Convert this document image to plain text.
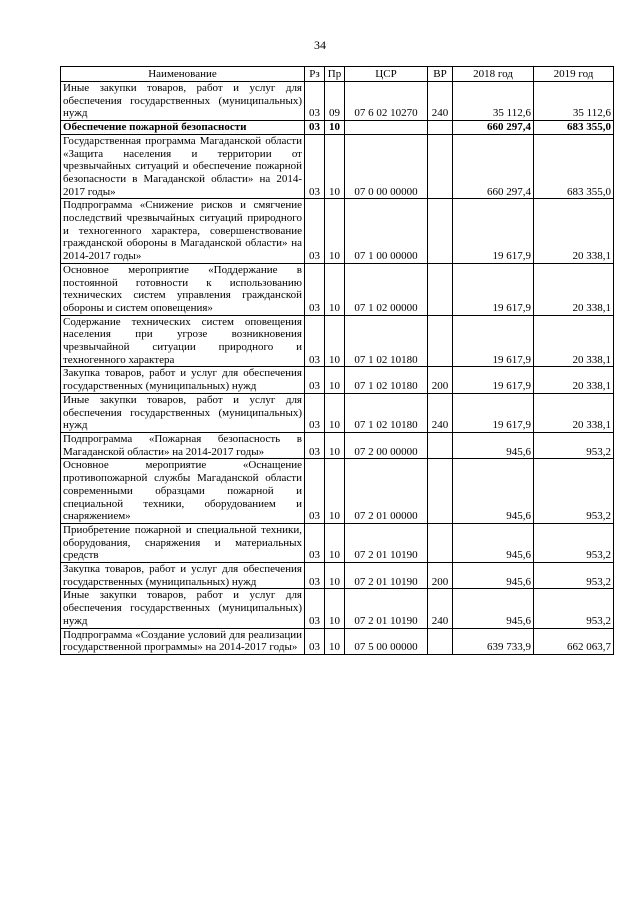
34
Наименование	Рз	Пр	ЦСР	ВР	2018 год	2019 год
Иные закупки товаров, работ и услуг для обеспечения государственных (муниципальных) нужд	03	09	07 6 02 10270	240	35 112,6	35 112,6
Обеспечение пожарной безопасности	03	10			660 297,4	683 355,0
Государственная программа Магаданской области «Защита населения и территории от чрезвычайных ситуаций и обеспечение пожарной безопасности в Магаданской области» на 2014-2017 годы»	03	10	07 0 00 00000		660 297,4	683 355,0
Подпрограмма «Снижение рисков и смягчение последствий чрезвычайных ситуаций природного и техногенного характера, совершенствование гражданской обороны в Магаданской области» на 2014-2017 годы»	03	10	07 1 00 00000		19 617,9	20 338,1
Основное мероприятие «Поддержание в постоянной готовности к использованию технических систем управления гражданской обороны и систем оповещения»	03	10	07 1 02 00000		19 617,9	20 338,1
Содержание технических систем оповещения населения при угрозе возникновения чрезвычайной ситуации природного и техногенного характера	03	10	07 1 02 10180		19 617,9	20 338,1
Закупка товаров, работ и услуг для обеспечения государственных (муниципальных) нужд	03	10	07 1 02 10180	200	19 617,9	20 338,1
Иные закупки товаров, работ и услуг для обеспечения государственных (муниципальных) нужд	03	10	07 1 02 10180	240	19 617,9	20 338,1
Подпрограмма «Пожарная безопасность в Магаданской области» на 2014-2017 годы»	03	10	07 2 00 00000		945,6	953,2
Основное мероприятие «Оснащение противопожарной службы Магаданской области современными образцами пожарной и специальной техники, оборудованием и снаряжением»	03	10	07 2 01 00000		945,6	953,2
Приобретение пожарной и специальной техники, оборудования, снаряжения и материальных средств	03	10	07 2 01 10190		945,6	953,2
Закупка товаров, работ и услуг для обеспечения государственных (муниципальных) нужд	03	10	07 2 01 10190	200	945,6	953,2
Иные закупки товаров, работ и услуг для обеспечения государственных (муниципальных) нужд	03	10	07 2 01 10190	240	945,6	953,2
Подпрограмма «Создание условий для реализации государственной программы» на 2014-2017 годы»	03	10	07 5 00 00000		639 733,9	662 063,7
